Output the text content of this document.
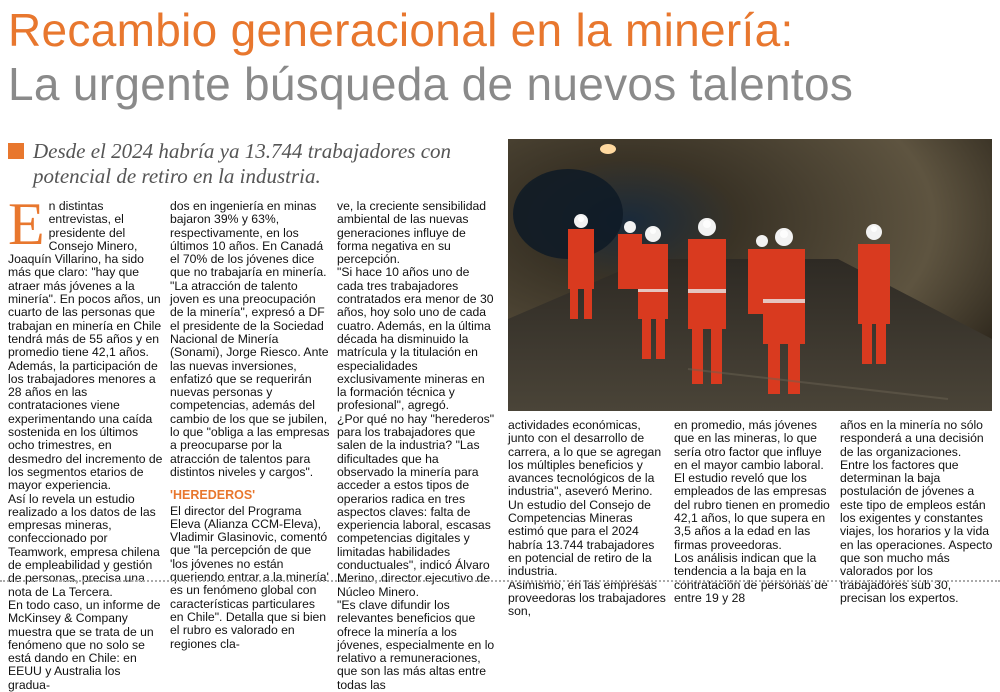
Recambio generacional en la minería:
La urgente búsqueda de nuevos talentos
Desde el 2024 habría ya 13.744 trabajadores con potencial de retiro en la industria.
E n distintas entrevistas, el presidente del Consejo Minero, Joaquín Villarino, ha sido más que claro: "hay que atraer más jóvenes a la minería". En pocos años, un cuarto de las personas que trabajan en minería en Chile tendrá más de 55 años y en promedio tiene 42,1 años.

Además, la participación de los trabajadores menores a 28 años en las contrataciones viene experimentando una caída sostenida en los últimos ocho trimestres, en desmedro del incremento de los segmentos etarios de mayor experiencia.

Así lo revela un estudio realizado a los datos de las empresas mineras, confeccionado por Teamwork, empresa chilena de empleabilidad y gestión de personas, precisa una nota de La Tercera.

En todo caso, un informe de McKinsey & Company muestra que se trata de un fenómeno que no solo se está dando en Chile: en EEUU y Australia los gradua-

dos en ingeniería en minas bajaron 39% y 63%, respectivamente, en los últimos 10 años. En Canadá el 70% de los jóvenes dice que no trabajaría en minería.

"La atracción de talento joven es una preocupación de la minería", expresó a DF el presidente de la Sociedad Nacional de Minería (Sonami), Jorge Riesco. Ante las nuevas inversiones, enfatizó que se requerirán nuevas personas y competencias, además del cambio de los que se jubilen, lo que "obliga a las empresas a preocuparse por la atracción de talentos para distintos niveles y cargos".

'HEREDEROS'

El director del Programa Eleva (Alianza CCM-Eleva), Vladimir Glasinovic, comentó que "la percepción de que 'los jóvenes no están queriendo entrar a la minería' es un fenómeno global con características particulares en Chile". Detalla que si bien el rubro es valorado en regiones cla-

ve, la creciente sensibilidad ambiental de las nuevas generaciones influye de forma negativa en su percepción.

"Si hace 10 años uno de cada tres trabajadores contratados era menor de 30 años, hoy solo uno de cada cuatro. Además, en la última década ha disminuido la matrícula y la titulación en especialidades exclusivamente mineras en la formación técnica y profesional", agregó.

¿Por qué no hay "herederos" para los trabajadores que salen de la industria? "Las dificultades que ha observado la minería para acceder a estos tipos de operarios radica en tres aspectos claves: falta de experiencia laboral, escasas competencias digitales y limitadas habilidades conductuales", indicó Álvaro Merino, director ejecutivo de Núcleo Minero.

"Es clave difundir los relevantes beneficios que ofrece la minería a los jóvenes, especialmente en lo relativo a remuneraciones, que son las más altas entre todas las

actividades económicas, junto con el desarrollo de carrera, a lo que se agregan los múltiples beneficios y avances tecnológicos de la industria", aseveró Merino.

Un estudio del Consejo de Competencias Mineras estimó que para el 2024 habría 13.744 trabajadores en potencial de retiro de la industria.

Asimismo, en las empresas proveedoras los trabajadores son,

en promedio, más jóvenes que en las mineras, lo que sería otro factor que influye en el mayor cambio laboral. El estudio reveló que los empleados de las empresas del rubro tienen en promedio 42,1 años, lo que supera en 3,5 años a la edad en las firmas proveedoras.

Los análisis indican que la tendencia a la baja en la contratación de personas de entre 19 y 28

años en la minería no sólo responderá a una decisión de las organizaciones.

Entre los factores que determinan la baja postulación de jóvenes a este tipo de empleos están los exigentes y constantes viajes, los horarios y la vida en las operaciones. Aspecto que son mucho más valorados por los trabajadores sub 30, precisan los expertos.
